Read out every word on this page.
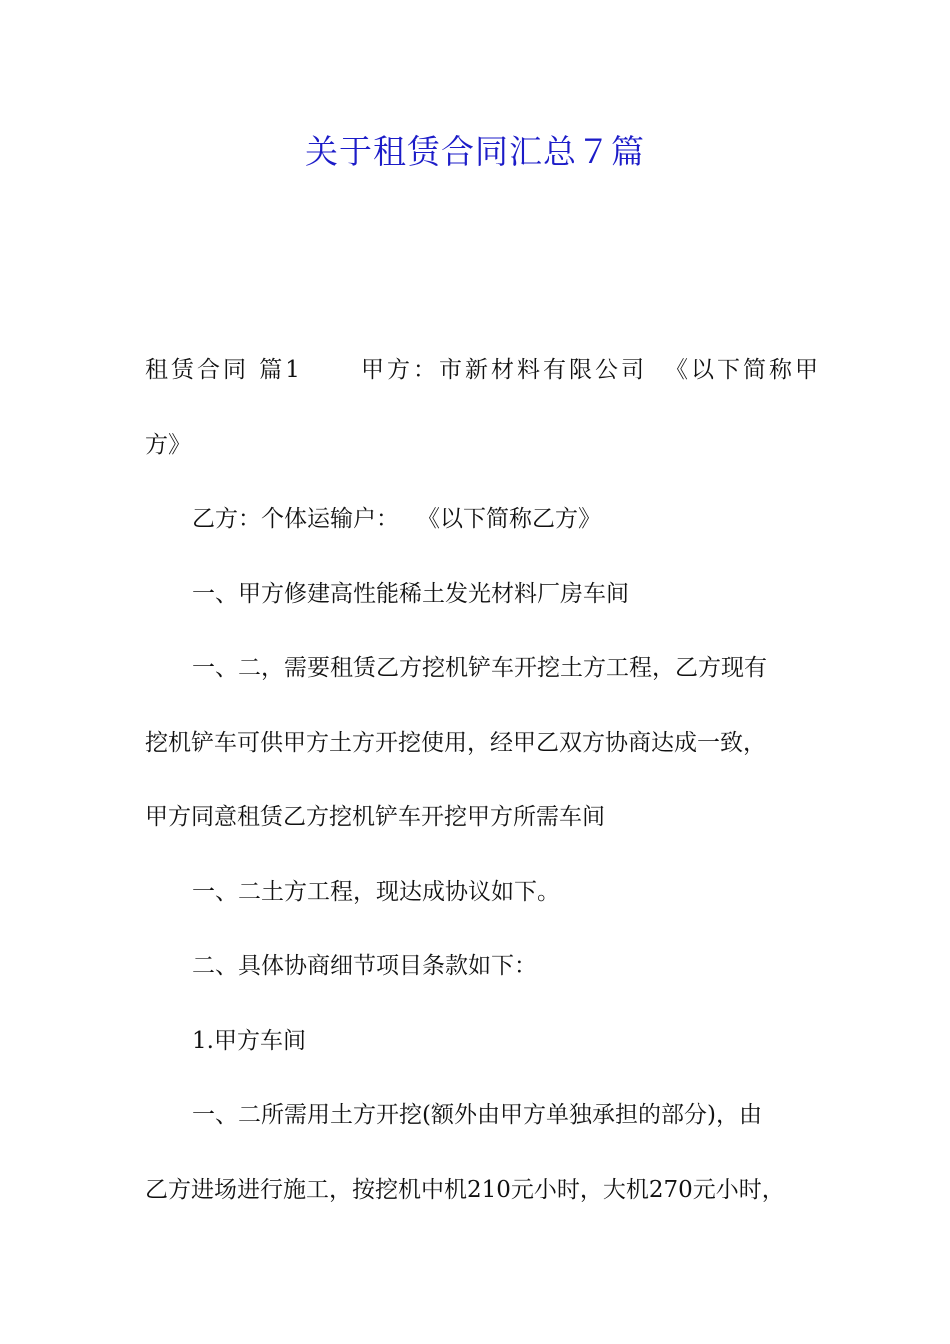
关于租赁合同汇总７篇
租赁合同 篇1	甲方：市新材料有限公司 《以下简称甲
方》
乙方：个体运输户： 《以下简称乙方》
一、甲方修建高性能稀土发光材料厂房车间
一、二，需要租赁乙方挖机铲车开挖土方工程，乙方现有
挖机铲车可供甲方土方开挖使用，经甲乙双方协商达成一致，
甲方同意租赁乙方挖机铲车开挖甲方所需车间
一、二土方工程，现达成协议如下。
二、具体协商细节项目条款如下：
1.甲方车间
一、二所需用土方开挖(额外由甲方单独承担的部分)，由
乙方进场进行施工，按挖机中机210元小时，大机270元小时，
